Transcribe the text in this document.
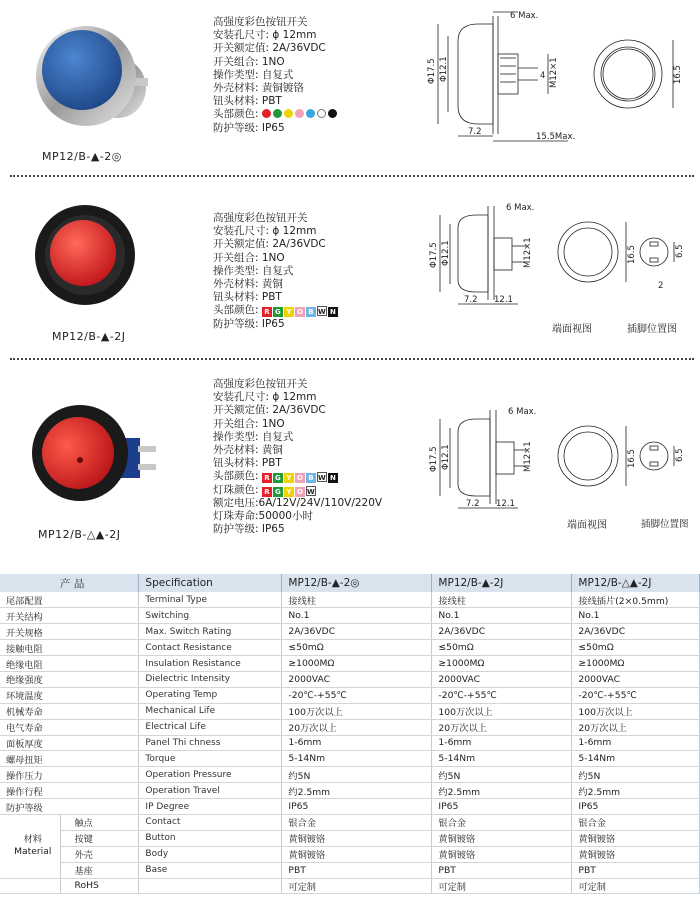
MP12/B-▲-2◎
高强度彩色按钮开关
安装孔尺寸: ɸ 12mm
开关额定值: 2A/36VDC
开关组合: 1NO
操作类型: 自复式
外壳材料: 黄铜镀铬
钮头材料: PBT
头部颜色:
防护等级: IP65
6 Max.
Φ17.5 Φ12.1	M12×1
4
7.2	15.5Max.
16.5
MP12/B-▲-2J
高强度彩色按钮开关
安装孔尺寸: ɸ 12mm
开关额定值: 2A/36VDC
开关组合: 1NO
操作类型: 自复式
外壳材料: 黄铜
钮头材料: PBT
头部颜色: R G Y O B W N
防护等级: IP65
6 Max.
Φ17.5 Φ12.1	M12×1
7.2 12.1
16.5	6.5
2
端面视图	插脚位置图
MP12/B-△▲-2J
高强度彩色按钮开关
安装孔尺寸: ɸ 12mm
开关额定值: 2A/36VDC
开关组合: 1NO
操作类型: 自复式
外壳材料: 黄铜
钮头材料: PBT
头部颜色: R G Y O B W N
灯珠颜色: R G Y O W
额定电压:6A/12V/24V/110V/220V
灯珠寿命:50000小时
防护等级: IP65
6 Max.
Φ17.5 Φ12.1	M12×1
7.2 12.1
16.5	6.5
端面视图	插脚位置图
产 品		Specification	MP12/B-▲-2◎	MP12/B-▲-2J	MP12/B-△▲-2J
尾部配置		Terminal Type	接线柱	接线柱	接线插片(2×0.5mm)
开关结构		Switching	No.1	No.1	No.1
开关规格		Max. Switch Rating	2A/36VDC	2A/36VDC	2A/36VDC
接触电阻		Contact Resistance	≤50mΩ	≤50mΩ	≤50mΩ
绝缘电阻		Insulation Resistance	≥1000MΩ	≥1000MΩ	≥1000MΩ
绝缘强度		Dielectric Intensity	2000VAC	2000VAC	2000VAC
环境温度		Operating Temp	-20℃-+55℃	-20℃-+55℃	-20℃-+55℃
机械寿命		Mechanical Life	100万次以上	100万次以上	100万次以上
电气寿命		Electrical Life	20万次以上	20万次以上	20万次以上
面板厚度		Panel Thi chness	1-6mm	1-6mm	1-6mm
螺母扭矩		Torque	5-14Nm	5-14Nm	5-14Nm
操作压力		Operation Pressure	约5N	约5N	约5N
操作行程		Operation Travel	约2.5mm	约2.5mm	约2.5mm
防护等级		IP Degree	IP65	IP65	IP65

材料
Material	触点	Contact	银合金	银合金	银合金
	按键	Button	黄铜镀铬	黄铜镀铬	黄铜镀铬
	外壳	Body	黄铜镀铬	黄铜镀铬	黄铜镀铬
	基座	Base	PBT	PBT	PBT
	RoHS		可定制	可定制	可定制
